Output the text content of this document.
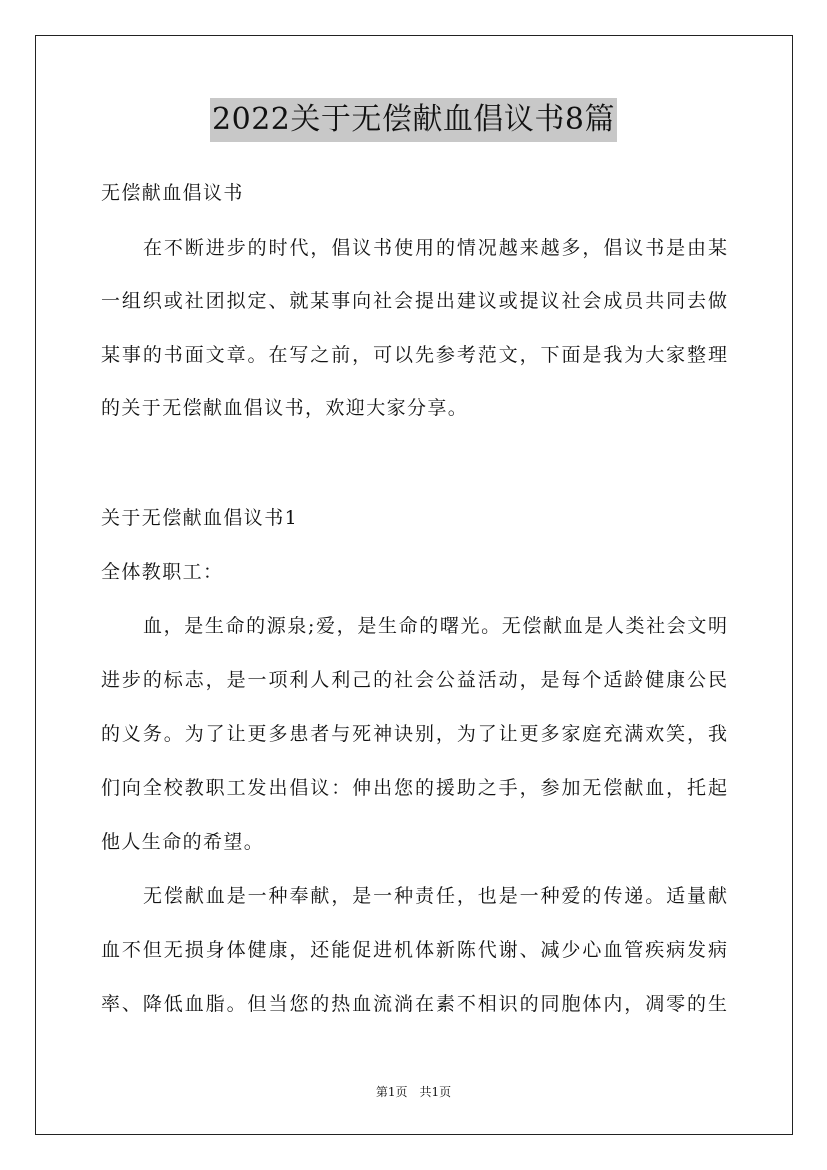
2022关于无偿献血倡议书8篇
无偿献血倡议书
在不断进步的时代，倡议书使用的情况越来越多，倡议书是由某
一组织或社团拟定、就某事向社会提出建议或提议社会成员共同去做
某事的书面文章。在写之前，可以先参考范文，下面是我为大家整理
的关于无偿献血倡议书，欢迎大家分享。
关于无偿献血倡议书1
全体教职工：
血，是生命的源泉;爱，是生命的曙光。无偿献血是人类社会文明
进步的标志，是一项利人利己的社会公益活动，是每个适龄健康公民
的义务。为了让更多患者与死神诀别，为了让更多家庭充满欢笑，我
们向全校教职工发出倡议：伸出您的援助之手，参加无偿献血，托起
他人生命的希望。
无偿献血是一种奉献，是一种责任，也是一种爱的传递。适量献
血不但无损身体健康，还能促进机体新陈代谢、减少心血管疾病发病
率、降低血脂。但当您的热血流淌在素不相识的同胞体内，凋零的生
第1页　共1页
